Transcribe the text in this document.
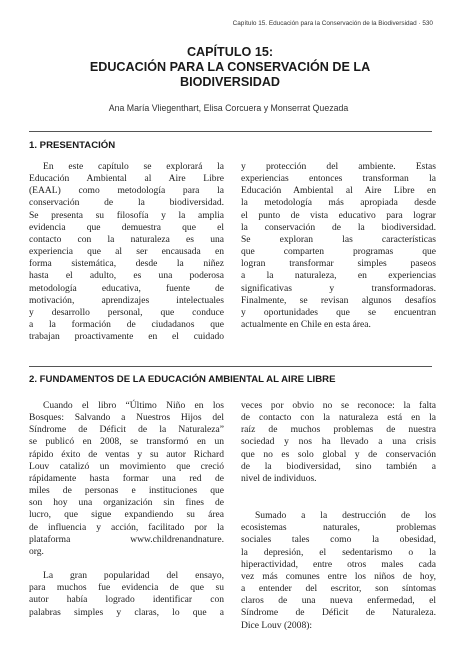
Capítulo 15. Educación para la Conservación de la Biodiversidad · 530
CAPÍTULO 15:
EDUCACIÓN PARA LA CONSERVACIÓN DE LA
BIODIVERSIDAD
Ana María Vliegenthart, Elisa Corcuera y Monserrat Quezada
1. PRESENTACIÓN

En este capítulo se explorará la
Educación Ambiental al Aire Libre
(EAAL) como metodología para la
conservación de la biodiversidad.
Se presenta su filosofía y la amplia
evidencia que demuestra que el
contacto con la naturaleza es una
experiencia que al ser encausada en
forma sistemática, desde la niñez
hasta el adulto, es una poderosa
metodología educativa, fuente de
motivación, aprendizajes intelectuales
y desarrollo personal, que conduce
a la formación de ciudadanos que
trabajan proactivamente en el cuidado

y protección del ambiente. Estas
experiencias entonces transforman la
Educación Ambiental al Aire Libre en
la metodología más apropiada desde
el punto de vista educativo para lograr
la conservación de la biodiversidad.
Se exploran las características
que comparten programas que
logran transformar simples paseos
a la naturaleza, en experiencias
significativas y transformadoras.
Finalmente, se revisan algunos desafíos
y oportunidades que se encuentran
actualmente en Chile en esta área.

2. FUNDAMENTOS DE LA EDUCACIÓN AMBIENTAL AL AIRE LIBRE

Cuando el libro “Último Niño en los
Bosques: Salvando a Nuestros Hijos del
Síndrome de Déficit de la Naturaleza”
se publicó en 2008, se transformó en un
rápido éxito de ventas y su autor Richard
Louv catalizó un movimiento que creció
rápidamente hasta formar una red de
miles de personas e instituciones que
son hoy una organización sin fines de
lucro, que sigue expandiendo su área
de influencia y acción, facilitado por la
plataforma www.childrenandnature.
org.

La gran popularidad del ensayo,
para muchos fue evidencia de que su
autor había logrado identificar con
palabras simples y claras, lo que a

veces por obvio no se reconoce: la falta
de contacto con la naturaleza está en la
raíz de muchos problemas de nuestra
sociedad y nos ha llevado a una crisis
que no es solo global y de conservación
de la biodiversidad, sino también a
nivel de individuos.

Sumado a la destrucción de los
ecosistemas naturales, problemas
sociales tales como la obesidad,
la depresión, el sedentarismo o la
hiperactividad, entre otros males cada
vez más comunes entre los niños de hoy,
a entender del escritor, son síntomas
claros de una nueva enfermedad, el
Síndrome de Déficit de Naturaleza.
Dice Louv (2008):
